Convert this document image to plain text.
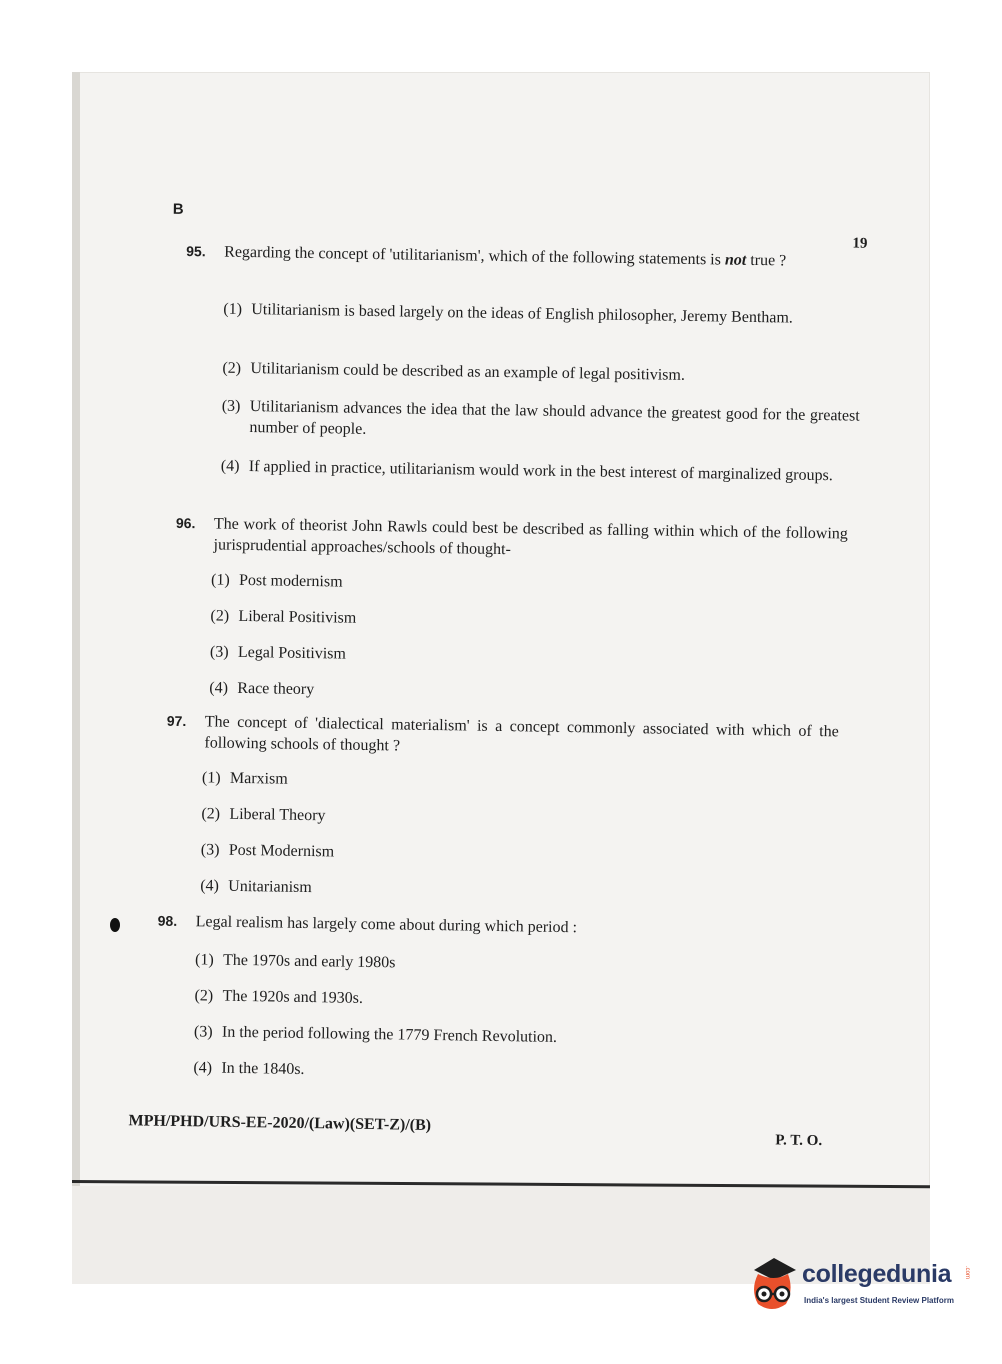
B
19
95. Regarding the concept of 'utilitarianism', which of the following statements is not true ?
(1) Utilitarianism is based largely on the ideas of English philosopher, Jeremy Bentham.
(2) Utilitarianism could be described as an example of legal positivism.
(3) Utilitarianism advances the idea that the law should advance the greatest good for the greatest number of people.
(4) If applied in practice, utilitarianism would work in the best interest of marginalized groups.
96. The work of theorist John Rawls could best be described as falling within which of the following jurisprudential approaches/schools of thought-
(1) Post modernism
(2) Liberal Positivism
(3) Legal Positivism
(4) Race theory
97. The concept of 'dialectical materialism' is a concept commonly associated with which of the following schools of thought ?
(1) Marxism
(2) Liberal Theory
(3) Post Modernism
(4) Unitarianism
98. Legal realism has largely come about during which period :
(1) The 1970s and early 1980s
(2) The 1920s and 1930s.
(3) In the period following the 1779 French Revolution.
(4) In the 1840s.
MPH/PHD/URS-EE-2020/(Law)(SET-Z)/(B)
P. T. O.
collegedunia .com
India's largest Student Review Platform
